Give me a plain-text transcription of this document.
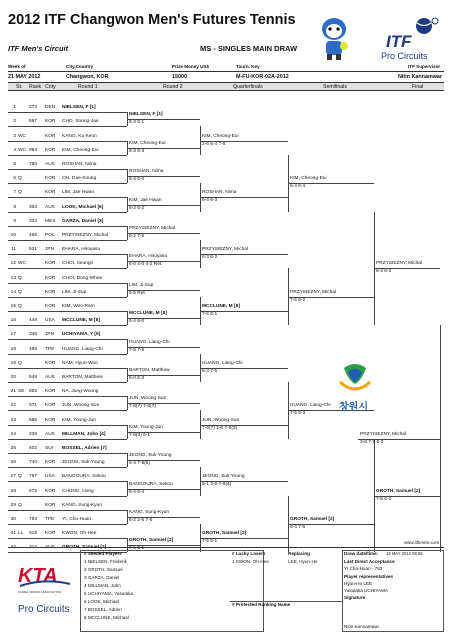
2012 ITF Changwon Men's Futures Tennis
ITF Men's Circuit	MS - SINGLES MAIN DRAW	ITF
Pro Circuits
Week of	City,Country	Prize Money US$	Tourn. Key	ITF Supervisor
21 MAY 2012	Changwon, KOR	15000	M-FU-KOR-02A-2012	Nitin Kannamwar
St. Rank Cnty	Round 1	Round 2	Quarterfinals	Semifinals	Final
1	273 DEN NIELSEN, F [1]
2	687 KOR CHO, Soong-Jae
3 WC	KOR KANG, Ku Keon
4 WC 994 KOR KIM, Cheong-Eui
5	780 AUS ROSHAN, Nima
6 Q	KOR OH, Dae-Soung
7 Q	KOR LIM, Jae Hwan
8	363 AUS LOOK, Michael [6]
9	334 MEX GARZA, Daniel [3]
10	466 POL PRZYSIEZNY, Michal
11	521 JPN EHARA, Hiroyasu
12 WC	KOR CHOI, Seungri
13 Q	KOR CHOI, Dong-Whee
14 Q	KOR LIM, Ji-Sup
15 Q	KOR KIM, Woo-Ram
16	448 USA MCCLUNE, M [8]
17	346 JPN UCHIYAMA, Y [5]
18	488 TPE HUANG, Liang-Chi
19 Q	KOR NAM, Hyun-Woo
20	548 AUS BARTON, Matthew
21 SE 855 KOR NA, Jung-Woong
22	571 KOR JUN, Woong-Sun
23	586 KOR KIM, Young-Jun
24	339 AUS MILLMAN, John [4]
25	402 SUI BOSSEL, Adrien [7]
26	740 KOR JEONG, Suk-Young
27 Q 797 USA BANGOURA, Sekou
28	675 KOR CHUNG, Hong
29 Q	KOR KANG, Sung-Kyun
30	783 TPE YI, Chu-Huan
31 LL 919 KOR KWON, Oh-Hee
32	317 AUS GROTH, Samuel [2]
NIELSEN, F [1]
6-3 6-1
KIM, Cheong-Eui
6-3 6-3
ROSHAN, Nima
6-4 6-0
KIM, Jae Hwan
6-2 6-2
PRZYSIEZNY, Michal
6-2 7-5
EHARA, Hiroyasu
6-0 4-0 4-2 Ret.
LIM, Ji-Sup
5-5 Ret.
MCCLUNE, M [8]
6-4 6-0
HUANG, Liang-Chi
7-5 7-5
BARTON, Matthew
6-0 6-3
JUN, Woong-Sun
7-6(7) 7-6(7)
KIM, Young-Jun
7-6(3) 6-1
JEONG, Suk-Young
6-4 7-6(5)
BANGOURA, Sekou
6-4 6-4
KANG, Sung-Kyun
6-2 2-6 7-5
GROTH, Samuel [2]
7-5 6-1
KIM, Cheong-Eui
2-6 6-4 7-5
ROSHAN, Nima
6-4 6-3
PRZYSIEZNY, Michal
6-3 6-2
MCCLUNE, M [8]
7-5 6-1
HUANG, Liang-Chi
6-3 7-5
JUN, Woong-Sun
7-6(7) 1-6 7-6(3)
JEONG, Suk-Young
6-1 3-6 7-6(4)
GROTH, Samuel [2]
7-5 6-1
KIM, Cheong-Eui
6-4 6-4
PRZYSIEZNY, Michal
7-5 6-2
HUANG, Liang-Chi
7-5 6-3
GROTH, Samuel [2]
6-4 7-5
PRZYSIEZNY, Michal
6-3 6-2
GROTH, Samuel [2]
7-5 6-2
PRZYSIEZNY, Michal
3-6 7-5 6-3
창원시
www.itftennis.com
KTA
KOREA TENNIS ASSOCIATION
Pro Circuits
# Seeded Players
1 NIELSEN, Frederik
2 GROTH, Samuel
3 GARZA, Daniel
4 MILLMAN, John
5 UCHIYAMA, Yasutaka
6 LOOK, Michael
7 BOSSEL, Adrien
8 MCCLUNE, Michael
# Lucky Losers	Replacing
1 KWON, Oh-Hee	LEE, Hyun-Ho
# Protected Ranking Name
Draw date/time: 19 MAY 2012 08:55
Last Direct Acceptance
YI Chu-Huan - 783
Player representatives
Hyun-Ho LEE
Yasutaka UCHIYAMA
Signature
Nitin Kannamwar
